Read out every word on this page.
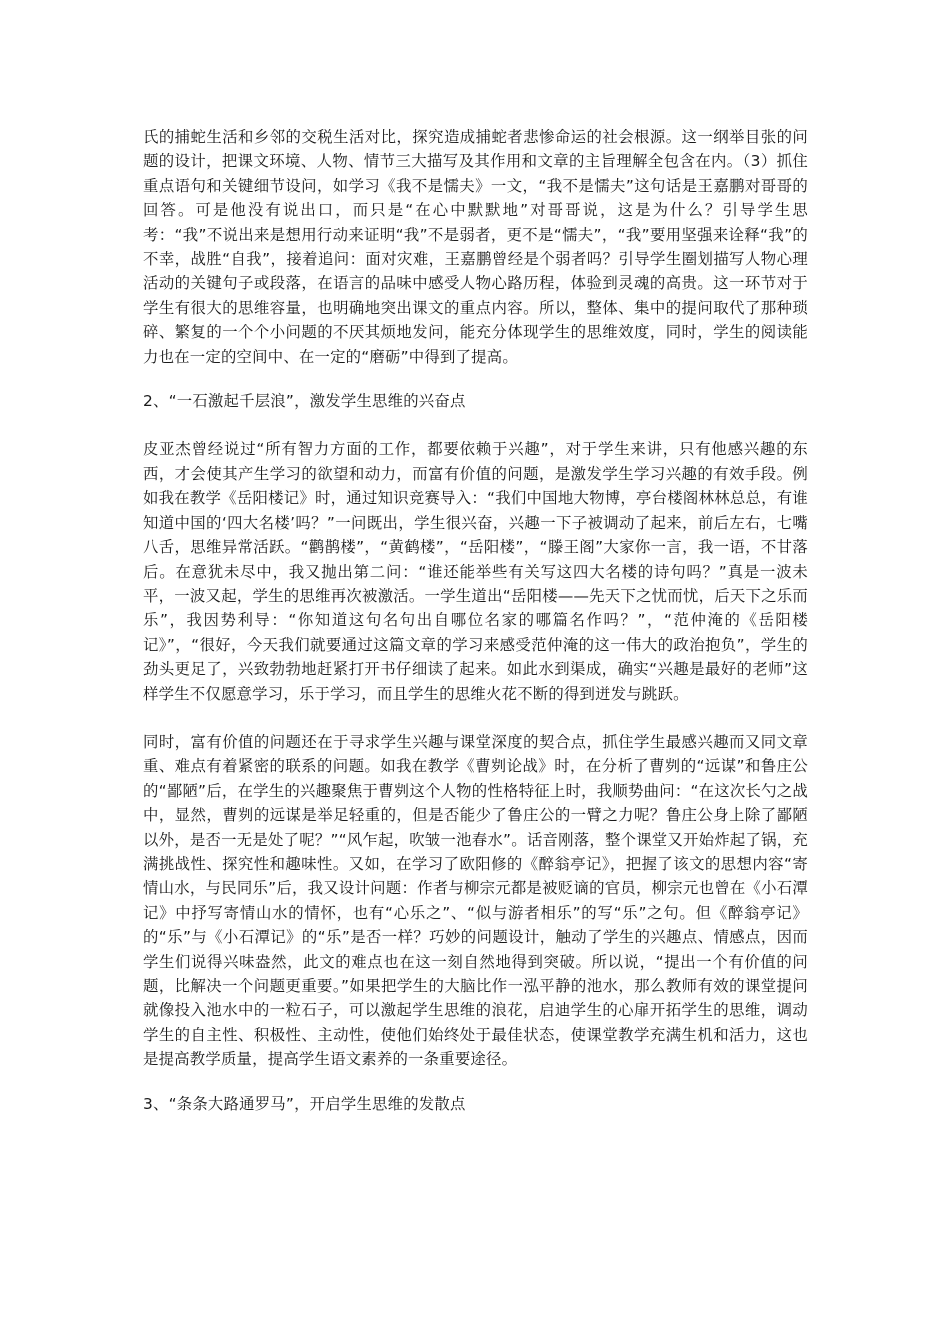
氏的捕蛇生活和乡邻的交税生活对比，探究造成捕蛇者悲惨命运的社会根源。这一纲举目张的问题的设计，把课文环境、人物、情节三大描写及其作用和文章的主旨理解全包含在内。（3）抓住重点语句和关键细节设问，如学习《我不是懦夫》一文，“我不是懦夫”这句话是王嘉鹏对哥哥的回答。可是他没有说出口，而只是“在心中默默地”对哥哥说，这是为什么？引导学生思考：“我”不说出来是想用行动来证明“我”不是弱者，更不是“懦夫”，“我”要用坚强来诠释“我”的不幸，战胜“自我”，接着追问：面对灾难，王嘉鹏曾经是个弱者吗？引导学生圈划描写人物心理活动的关键句子或段落，在语言的品味中感受人物心路历程，体验到灵魂的高贵。这一环节对于学生有很大的思维容量，也明确地突出课文的重点内容。所以，整体、集中的提问取代了那种琐碎、繁复的一个个小问题的不厌其烦地发问，能充分体现学生的思维效度，同时，学生的阅读能力也在一定的空间中、在一定的“磨砺”中得到了提高。

2、“一石激起千层浪”，激发学生思维的兴奋点

皮亚杰曾经说过“所有智力方面的工作，都要依赖于兴趣”，对于学生来讲，只有他感兴趣的东西，才会使其产生学习的欲望和动力，而富有价值的问题，是激发学生学习兴趣的有效手段。例如我在教学《岳阳楼记》时，通过知识竞赛导入：“我们中国地大物博，亭台楼阁林林总总，有谁知道中国的‘四大名楼’吗？”一问既出，学生很兴奋，兴趣一下子被调动了起来，前后左右，七嘴八舌，思维异常活跃。“鹳鹊楼”，“黄鹤楼”，“岳阳楼”，“滕王阁”大家你一言，我一语，不甘落后。在意犹未尽中，我又抛出第二问：“谁还能举些有关写这四大名楼的诗句吗？”真是一波未平，一波又起，学生的思维再次被激活。一学生道出“岳阳楼——先天下之忧而忧，后天下之乐而乐”，我因势利导：“你知道这句名句出自哪位名家的哪篇名作吗？”，“范仲淹的《岳阳楼记》”，“很好，今天我们就要通过这篇文章的学习来感受范仲淹的这一伟大的政治抱负”，学生的劲头更足了，兴致勃勃地赶紧打开书仔细读了起来。如此水到渠成，确实“兴趣是最好的老师”这样学生不仅愿意学习，乐于学习，而且学生的思维火花不断的得到迸发与跳跃。

同时，富有价值的问题还在于寻求学生兴趣与课堂深度的契合点，抓住学生最感兴趣而又同文章重、难点有着紧密的联系的问题。如我在教学《曹刿论战》时，在分析了曹刿的“远谋”和鲁庄公的“鄙陋”后，在学生的兴趣聚焦于曹刿这个人物的性格特征上时，我顺势曲问：“在这次长勺之战中，显然，曹刿的远谋是举足轻重的，但是否能少了鲁庄公的一臂之力呢？鲁庄公身上除了鄙陋以外，是否一无是处了呢？”“风乍起，吹皱一池春水”。话音刚落，整个课堂又开始炸起了锅，充满挑战性、探究性和趣味性。又如，在学习了欧阳修的《醉翁亭记》，把握了该文的思想内容“寄情山水，与民同乐”后，我又设计问题：作者与柳宗元都是被贬谪的官员，柳宗元也曾在《小石潭记》中抒写寄情山水的情怀，也有“心乐之”、“似与游者相乐”的写“乐”之句。但《醉翁亭记》的“乐”与《小石潭记》的“乐”是否一样？巧妙的问题设计，触动了学生的兴趣点、情感点，因而学生们说得兴味盎然，此文的难点也在这一刻自然地得到突破。所以说，“提出一个有价值的问题，比解决一个问题更重要。”如果把学生的大脑比作一泓平静的池水，那么教师有效的课堂提问就像投入池水中的一粒石子，可以激起学生思维的浪花，启迪学生的心扉开拓学生的思维，调动学生的自主性、积极性、主动性，使他们始终处于最佳状态，使课堂教学充满生机和活力，这也是提高教学质量，提高学生语文素养的一条重要途径。

3、“条条大路通罗马”，开启学生思维的发散点
